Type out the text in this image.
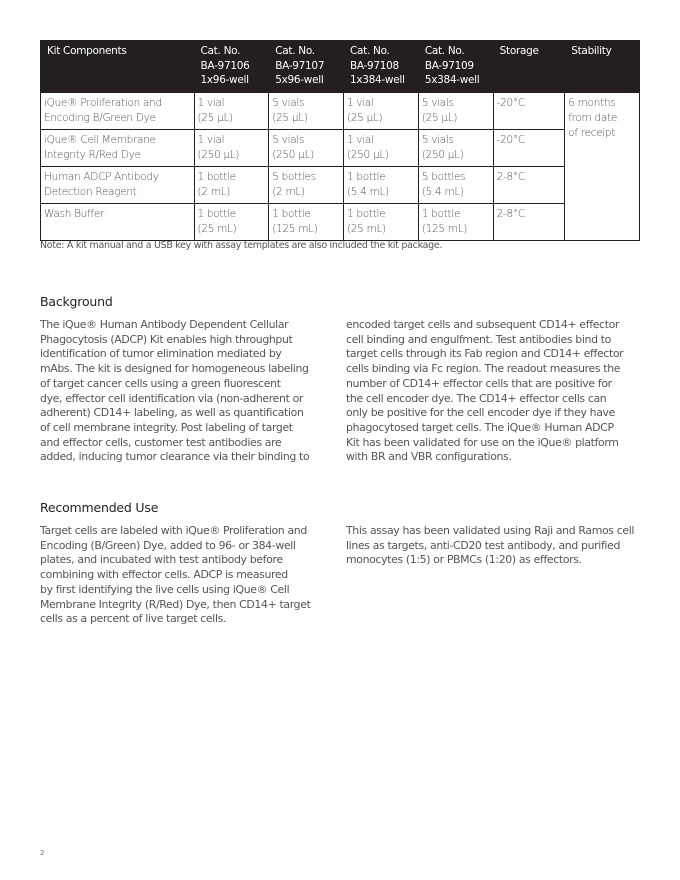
Kit Components	Cat. No.
BA-97106
1x96-well	Cat. No.
BA-97107
5x96-well	Cat. No.
BA-97108
1x384-well	Cat. No.
BA-97109
5x384-well	Storage	Stability

iQue® Proliferation and
Encoding B/Green Dye	1 vial
(25 µL)	5 vials
(25 µL)	1 vial
(25 µL)	5 vials
(25 µL)	-20°C	6 months
from date
of receipt

iQue® Cell Membrane
Integrity R/Red Dye	1 vial
(250 µL)	5 vials
(250 µL)	1 vial
(250 µL)	5 vials
(250 µL)	-20°C	

Human ADCP Antibody
Detection Reagent	1 bottle
(2 mL)	5 bottles
(2 mL)	1 bottle
(5.4 mL)	5 bottles
(5.4 mL)	2-8°C	

Wash Buffer	1 bottle
(25 mL)	1 bottle
(125 mL)	1 bottle
(25 mL)	1 bottle
(125 mL)	2-8°C	
Note: A kit manual and a USB key with assay templates are also included the kit package.
Background
The iQue® Human Antibody Dependent Cellular
Phagocytosis (ADCP) Kit enables high throughput
identification of tumor elimination mediated by
mAbs. The kit is designed for homogeneous labeling
of target cancer cells using a green fluorescent
dye, effector cell identification via (non-adherent or
adherent) CD14+ labeling, as well as quantification
of cell membrane integrity. Post labeling of target
and effector cells, customer test antibodies are
added, inducing tumor clearance via their binding to
encoded target cells and subsequent CD14+ effector
cell binding and engulfment. Test antibodies bind to
target cells through its Fab region and CD14+ effector
cells binding via Fc region. The readout measures the
number of CD14+ effector cells that are positive for
the cell encoder dye. The CD14+ effector cells can
only be positive for the cell encoder dye if they have
phagocytosed target cells. The iQue® Human ADCP
Kit has been validated for use on the iQue® platform
with BR and VBR configurations.
Recommended Use
Target cells are labeled with iQue® Proliferation and
Encoding (B/Green) Dye, added to 96- or 384-well
plates, and incubated with test antibody before
combining with effector cells. ADCP is measured
by first identifying the live cells using iQue® Cell
Membrane Integrity (R/Red) Dye, then CD14+ target
cells as a percent of live target cells.
This assay has been validated using Raji and Ramos cell
lines as targets, anti-CD20 test antibody, and purified
monocytes (1:5) or PBMCs (1:20) as effectors.
2
